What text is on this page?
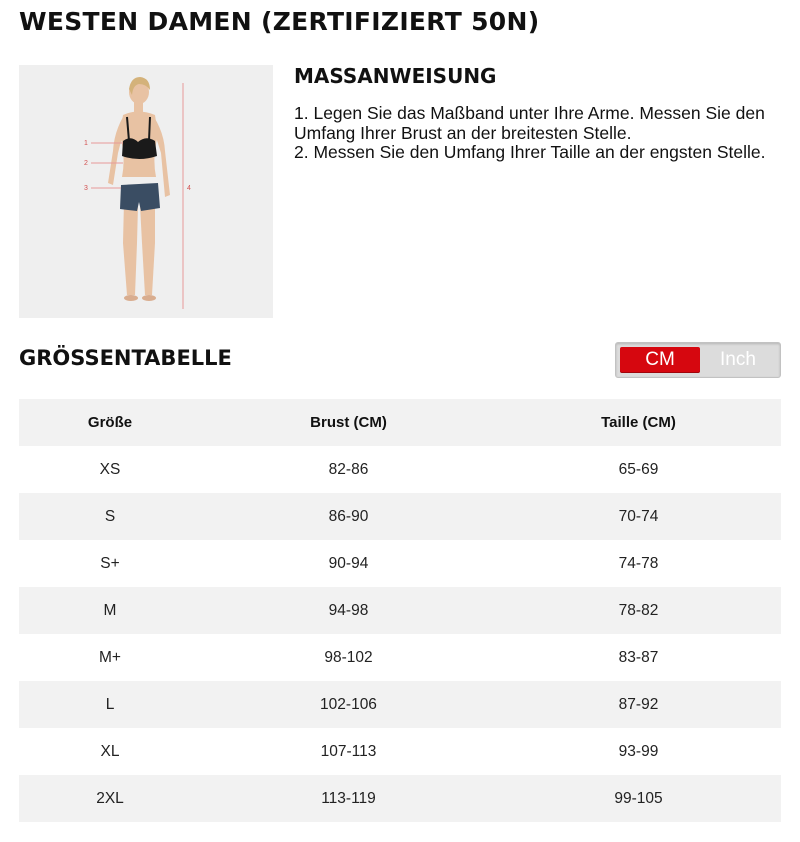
WESTEN DAMEN (ZERTIFIZIERT 50N)
1
2
3	4
MASSANWEISUNG

1. Legen Sie das Maßband unter Ihre Arme. Messen Sie den Umfang Ihrer Brust an der breitesten Stelle.

2. Messen Sie den Umfang Ihrer Taille an der engsten Stelle.

GRÖSSENTABELLE	CM	Inch
Größe	Brust (CM)	Taille (CM)
XS	82-86	65-69
S	86-90	70-74
S+	90-94	74-78
M	94-98	78-82
M+	98-102	83-87
L	102-106	87-92
XL	107-113	93-99
2XL	113-119	99-105
